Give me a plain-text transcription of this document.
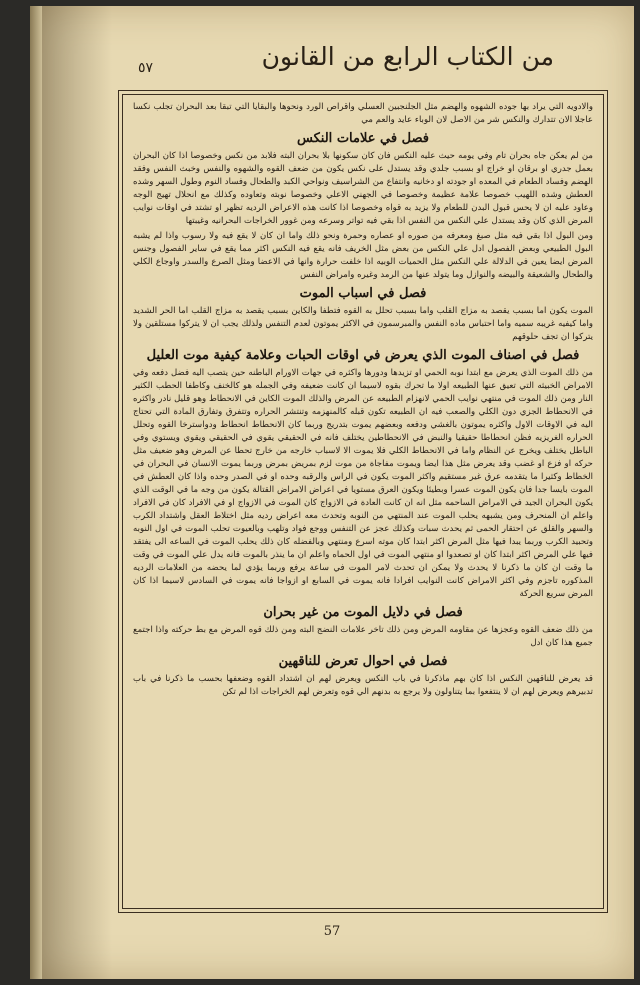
من الكتاب الرابع من القانون
٥٧
والادويه التي يراد بها جوده الشهوه والهضم مثل الجلنجبين العسلي واقراص الورد ونحوها والبقايا التي تبقا بعد البحران تجلب نكسا عاجلا الان تتدارك والنكس شر من الاصل لان الوباء عايد والعم مي
فصل في علامات النكس
من لم يعكن جاه بحران تام وفي يومه حيث عليه النكس فان كان سكونها بلا بحران البته فلابد من نكس وخصوصا اذا كان البحران بعمل جدري او برقان او خراج او بسبب جلدي وقد يستدل على نكس يكون من ضعف القوه والشهوه والنفس وخبث النفس وفقد الهضم وفساد الطعام في المعده او جودته او دخانيه وانتفاع من الشراسيف ونواحي الكبد والطحال وفساد النوم وطول السهر وشده العطش وشده اللهيب خصوصا علامة عظيمة وخصوصا في الجهني الاعلي وخصوصا نوبته وتعاوده وكذلك مع انحلال تهيج الوجه وعاود عليه ان لا يحس قبول البدن للطعام ولا يزيد به قواه وخصوصا اذا كانت هذه الاعراض الرديه تظهر او تشتد في اوقات نوايب المرض الذي كان وقد يستدل علي النكس من النفس اذا بقي فيه تواتر وسرعه ومن غوور الخراجات البحرانيه وغيبتها
ومن البول اذا بقي فيه مثل صبغ ومعرفه من صوره او عصاره وحمرة ونحو ذلك واما ان كان لا يقع فيه ولا رسوب واذا لم يشبه البول الطبيعي وبعض الفصول ادل علي النكس من بعض مثل الخريف فانه يقع فيه النكس اكثر مما يقع في ساير الفصول وجنس المرض ايضا يعين في الدلالة علي النكس مثل الحميات الوبيه اذا خلفت حرارة وانها في الاعضا ومثل الصرع والسدر واوجاع الكلي والطحال والشعيقة والبيضه والنوازل وما يتولد عنها من الرمد وغيره وامراض النفس
فصل في اسباب الموت
الموت يكون اما بسبب يقصد به مزاج القلب واما بسبب تحلل به القوه فتطفا والكاين بسبب يقصد به مزاج القلب اما الحر الشديد واما كيفيه غريبه سميه واما احتباس ماده النفس والمبرسمون في الاكثر يموتون لعدم التنفس ولذلك يجب ان لا يتركوا مستلقين ولا يتركوا ان تجف حلوقهم
فصل في اصناف الموت الذي يعرض في اوقات الحبات وعلامة كيفية موت العليل
من ذلك الموت الذي يعرض مع ابتدا نوبه الحمي او تزيدها ودورها واكثره في جهات الاورام الباطنه حين يتصب اليه فضل دفعه وفي الامراض الخبيثه التي تعيق عنها الطبيعه اولا ما تحرك بقوه لاسيما ان كانت ضعيفه وفي الجمله هو كالخنف وكاطفا الحطب الكثير النار ومن ذلك الموت في منتهي نوايب الحمي لانهزام الطبيعه عن المرض والذلك الموت الكاين في الانحطاط وهو قليل نادر واكثره في الانحطاط الجزي دون الكلي والصعب فيه ان الطبيعه تكون قبله كالمنهزمه وتنتشر الحراره وتتفرق وتفارق المادة التي تحتاج اليه في الاوقات الاول واكثره يموتون بالغشي ودفعه وبعضهم يموت بتدريج وربما كان الانحطاط انحطاط ودواسترخا القوه وتحلل الحراره الغريزيه فظن انحطاطا حقيقيا والنبض في الانحطاطين يختلف فانه في الحقيقي يقوي في الحقيقي ويقوي ويستوي وفي الباطل يختلف ويخرج عن النظام واما في الانحطاط الكلي فلا يموت الا لاسباب خارجه من خارج تحطا عن المرض وهو ضعيف مثل حركه او فزع او غضب وقد يعرض مثل هذا ايضا ويموت مفاجاة من موت لزم بمريض بمرض وربما يموت الانسان في البحران في الخطاط وكثيرا ما يتقدمه عرق غير مستقيم واكثر الموت يكون في الراس والرقبه وحده او في الصدر وحده واذا كان العطش في الموت بايسا جدا فان يكون الموت عسرا وبطيئا ويكون العرق مستويا في اعراض الامراض القتالة يكون من وجه ما في الوقت الذي يكون البحران الجيد في الامراض الساحمه مثل انه ان كانت العادة في الازواج كان الموت في الازواج او في الافراد كان في الافراد واعلم ان المنحرف ومن يشبهه يحلب الموت عند المنتهي من النوبه وتحدث معه اعراض رديه مثل اختلاط العقل واشتداد الكرب والسهر والقلق عن احتقار الحمى ثم يحدث سبات وكذلك عجز عن التنفس ووجع فواد وتلهب وبالعيوت تحلب الموت في اول النوبه وتحبيد الكرب وربما يبدا فيها مثل المرض اكثر ابتدا كان موته اسرع ومنتهي وبالفضله كان ذلك يحلب الموت في الساعه الى يفتقد فيها علي المرض اكثر ابتدا كان او تصعدوا او منتهي الموت في اول الحماه واعلم ان ما ينذر بالموت فانه يدل علي الموت في وقت ما وقت ان كان ما ذكرنا لا يحدث ولا يمكن ان تحدث لامر الموت في ساعة يرفع وربما يؤدي لما يحضه من العلامات الرديه المذكوره تاجزم وفي اكثر الامراض كانت النوايب افرادا فانه يموت في السابع او ازواجا فانه يموت في السادس لاسيما اذا كان المرض سريع الحركة
فصل في دلايل الموت من غير بحران
من ذلك ضعف القوه وعجزها عن مقاومه المرض ومن ذلك تاخر علامات النضج البته ومن ذلك قوه المرض مع بط حركته واذا اجتمع جميع هذا كان ادل
فصل في احوال تعرض للناقهين
قد يعرض للناقهين النكس اذا كان بهم ماذكرنا في باب النكس ويعرض لهم ان اشتداد القوه وضعفها بحسب ما ذكرنا في باب تدبيرهم ويعرض لهم ان لا ينتفعوا بما يتناولون ولا يرجع به بدنهم الي قوه وتعرض لهم الخراجات اذا لم تكن
57
